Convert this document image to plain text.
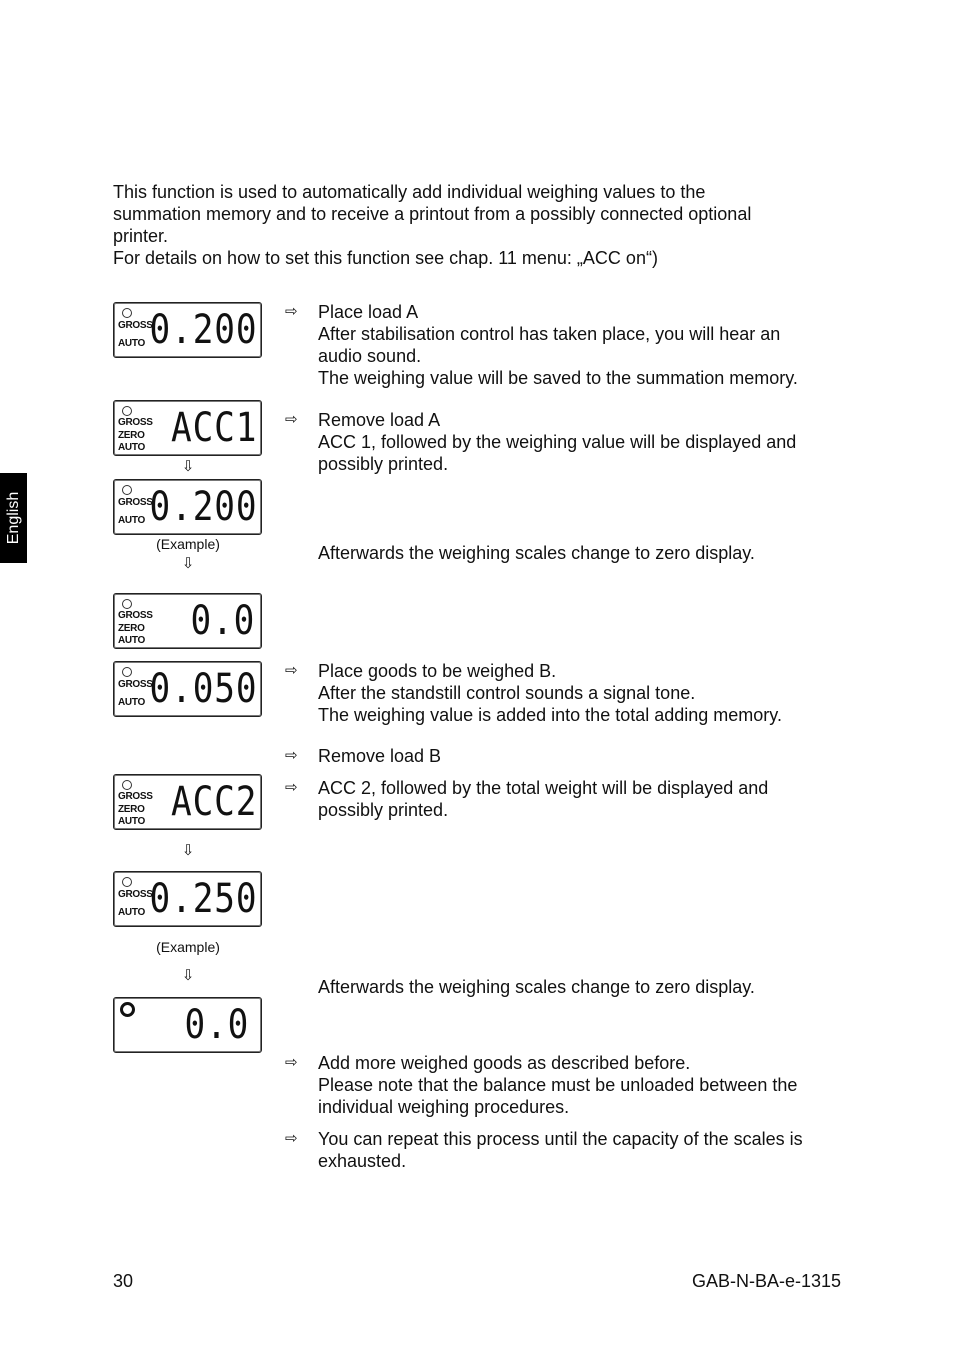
This function is used to automatically add individual weighing values to the
summation memory and to receive a printout from a possibly connected optional
printer.
For details on how to set this function see chap. 11 menu: „ACC on“)
English
GROSS
AUTO 0.200
GROSS
ZERO
AUTO ACC1
⇩
GROSS
AUTO 0.200
(Example)
⇩
GROSS
ZERO
AUTO 0.0
GROSS
AUTO 0.050
GROSS
ZERO
AUTO ACC2
⇩
GROSS
AUTO 0.250
(Example)
⇩
0.0
⇨	Place load A
After stabilisation control has taken place, you will hear an
audio sound.
The weighing value will be saved to the summation memory.
⇨	Remove load A
ACC 1, followed by the weighing value will be displayed and
possibly printed.
Afterwards the weighing scales change to zero display.
⇨	Place goods to be weighed B.
After the standstill control sounds a signal tone.
The weighing value is added into the total adding memory.
⇨	Remove load B
⇨	ACC 2, followed by the total weight will be displayed and
possibly printed.
Afterwards the weighing scales change to zero display.
⇨	Add more weighed goods as described before.
Please note that the balance must be unloaded between the
individual weighing procedures.
⇨	You can repeat this process until the capacity of the scales is
exhausted.
30	GAB-N-BA-e-1315
